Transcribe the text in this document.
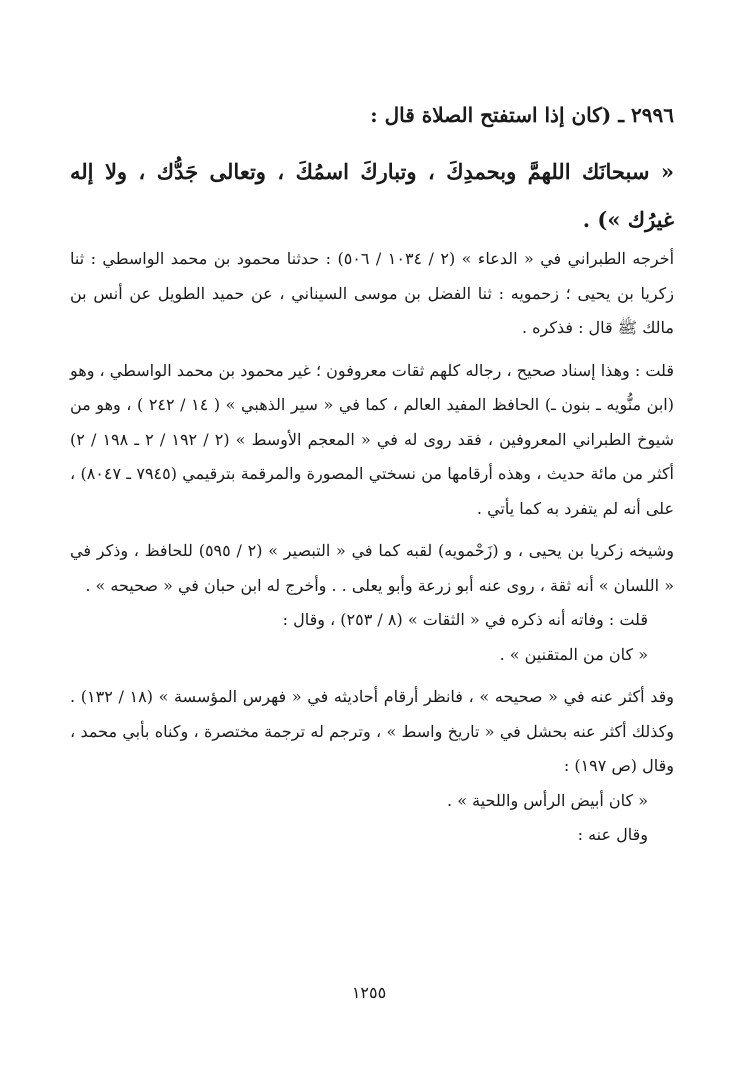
٢٩٩٦ ـ (كان إذا استفتح الصلاة قال :
« سبحانَك اللهمَّ وبحمدِكَ ، وتباركَ اسمُكَ ، وتعالى جَدُّك ، ولا إله غيرُك ») .

أخرجه الطبراني في « الدعاء » (٢ / ١٠٣٤ / ٥٠٦) : حدثنا محمود بن محمد الواسطي : ثنا زكريا بن يحيى ؛ زحمويه : ثنا الفضل بن موسى السيناني ، عن حميد الطويل عن أنس بن مالك ﷺ قال : فذكره .

قلت : وهذا إسناد صحيح ، رجاله كلهم ثقات معروفون ؛ غير محمود بن محمد الواسطي ، وهو (ابن منُّويه ـ بنون ـ) الحافظ المفيد العالم ، كما في « سير الذهبي » ( ١٤ / ٢٤٢ ) ، وهو من شيوخ الطبراني المعروفين ، فقد روى له في « المعجم الأوسط » (٢ / ١٩٢ / ٢ ـ ١٩٨ / ٢) أكثر من مائة حديث ، وهذه أرقامها من نسختي المصورة والمرقمة بترقيمي (٧٩٤٥ ـ ٨٠٤٧) ، على أنه لم يتفرد به كما يأتي .

وشيخه زكريا بن يحيى ، و (زَحْمويه) لقبه كما في « التبصير » (٢ / ٥٩٥) للحافظ ، وذكر في « اللسان » أنه ثقة ، روى عنه أبو زرعة وأبو يعلى . . وأخرج له ابن حبان في « صحيحه » .

قلت : وفاته أنه ذكره في « الثقات » (٨ / ٢٥٣) ، وقال :

« كان من المتقنين » .

وقد أكثر عنه في « صحيحه » ، فانظر أرقام أحاديثه في « فهرس المؤسسة » (١٨ / ١٣٢) . وكذلك أكثر عنه بحشل في « تاريخ واسط » ، وترجم له ترجمة مختصرة ، وكناه بأبي محمد ، وقال (ص ١٩٧) :

« كان أبيض الرأس واللحية » .

وقال عنه :

١٢٥٥
